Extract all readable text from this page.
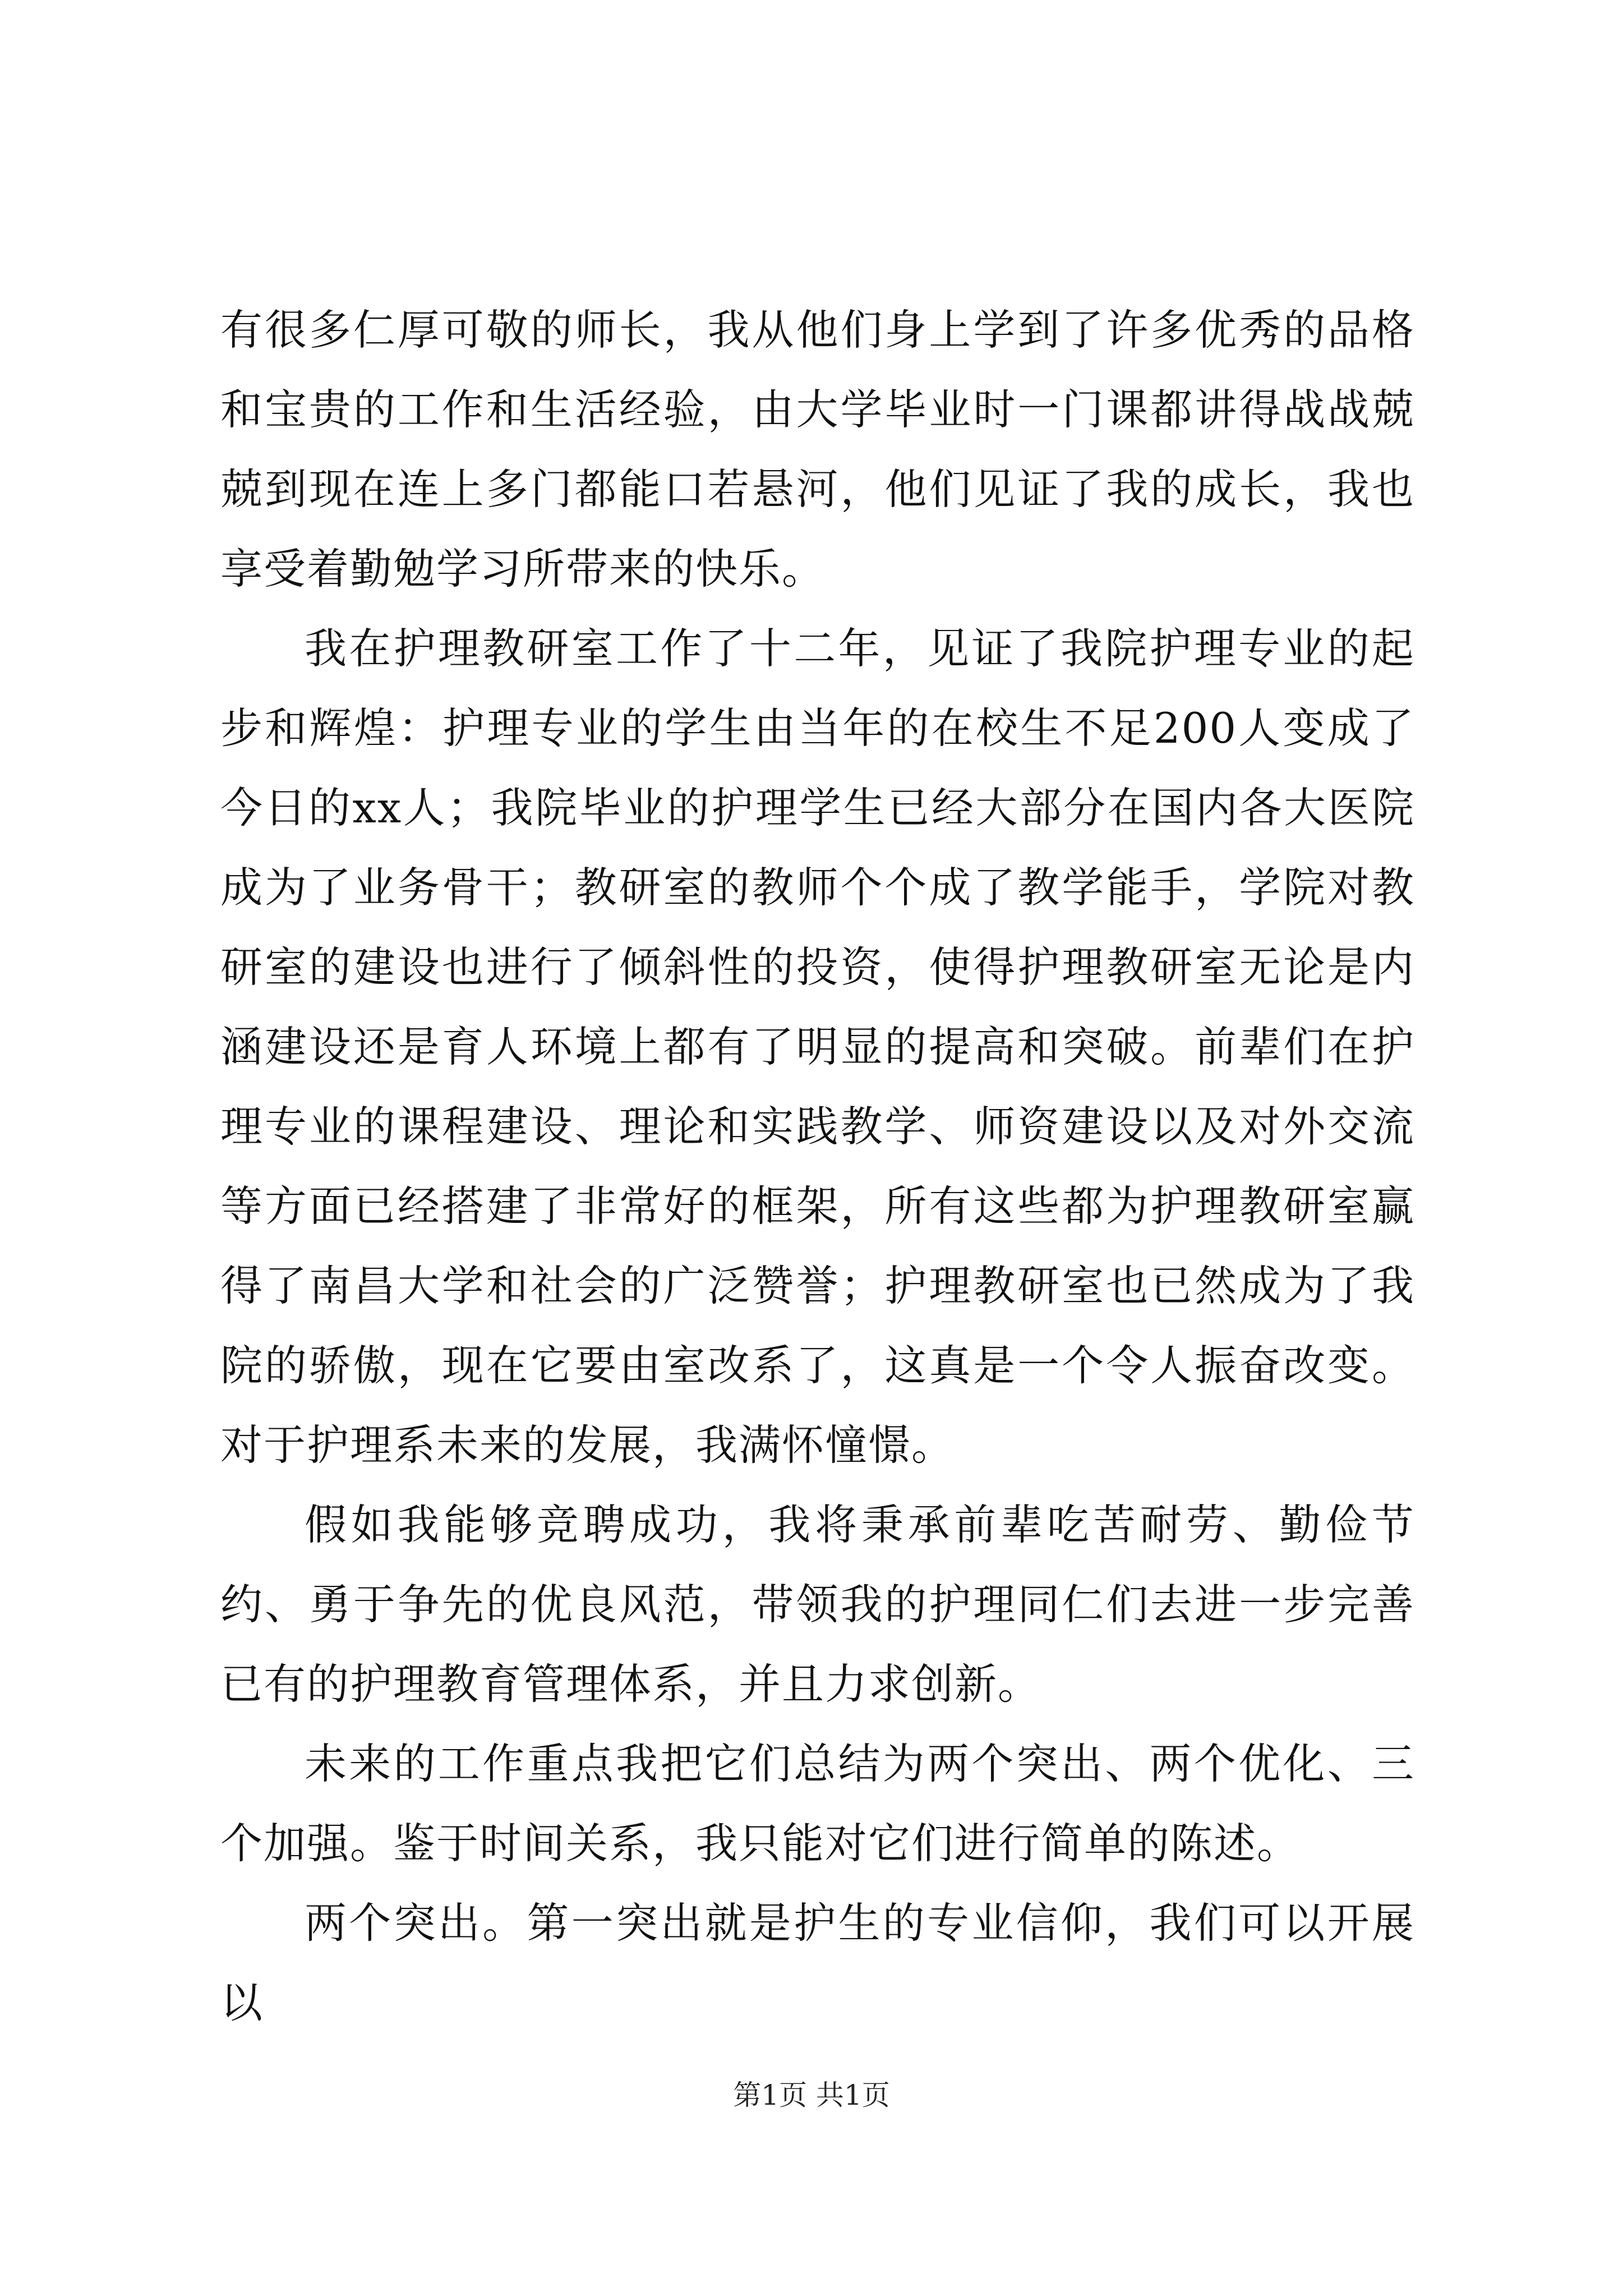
有很多仁厚可敬的师长，我从他们身上学到了许多优秀的品格和宝贵的工作和生活经验，由大学毕业时一门课都讲得战战兢兢到现在连上多门都能口若悬河，他们见证了我的成长，我也享受着勤勉学习所带来的快乐。

我在护理教研室工作了十二年，见证了我院护理专业的起步和辉煌：护理专业的学生由当年的在校生不足200人变成了今日的xx人；我院毕业的护理学生已经大部分在国内各大医院成为了业务骨干；教研室的教师个个成了教学能手，学院对教研室的建设也进行了倾斜性的投资，使得护理教研室无论是内涵建设还是育人环境上都有了明显的提高和突破。前辈们在护理专业的课程建设、理论和实践教学、师资建设以及对外交流等方面已经搭建了非常好的框架，所有这些都为护理教研室赢得了南昌大学和社会的广泛赞誉；护理教研室也已然成为了我院的骄傲，现在它要由室改系了，这真是一个令人振奋改变。对于护理系未来的发展，我满怀憧憬。

假如我能够竞聘成功，我将秉承前辈吃苦耐劳、勤俭节约、勇于争先的优良风范，带领我的护理同仁们去进一步完善已有的护理教育管理体系，并且力求创新。

未来的工作重点我把它们总结为两个突出、两个优化、三个加强。鉴于时间关系，我只能对它们进行简单的陈述。

两个突出。第一突出就是护生的专业信仰，我们可以开展以

第1页 共1页
